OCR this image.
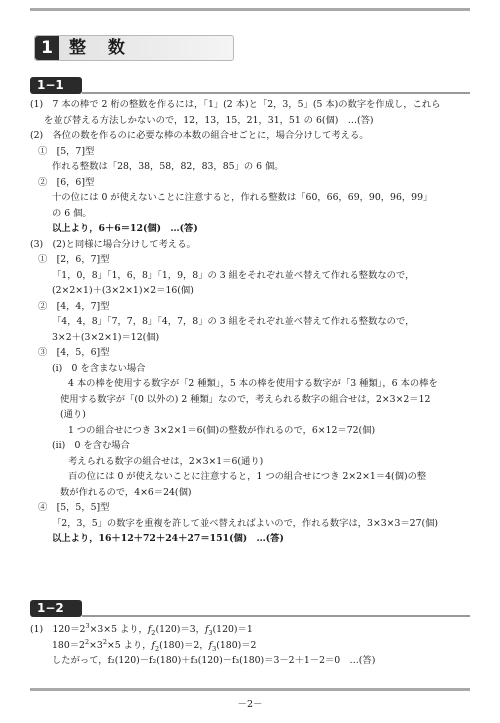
1 整 数
1−1

(1)　7 本の棒で 2 桁の整数を作るには，「1」(2 本)と「2，3，5」(5 本)の数字を作成し，これら

を並び替える方法しかないので，12，13，15，21，31，51 の 6(個)　…(答)

(2)　各位の数を作るのに必要な棒の本数の組合せごとに，場合分けして考える。

①　[5，7]型

作れる整数は「28，38，58，82，83，85」の 6 個。

②　[6，6]型

十の位には 0 が使えないことに注意すると，作れる整数は「60，66，69，90，96，99」

の 6 個。

以上より，6＋6＝12(個)　…(答)

(3)　(2)と同様に場合分けして考える。

①　[2，6，7]型

「1，0，8」「1，6，8」「1，9，8」の 3 組をそれぞれ並べ替えて作れる整数なので，

(2×2×1)＋(3×2×1)×2＝16(個)

②　[4，4，7]型

「4，4，8」「7，7，8」「4，7，8」の 3 組をそれぞれ並べ替えて作れる整数なので，

3×2＋(3×2×1)＝12(個)

③　[4，5，6]型

(i)　0 を含まない場合

4 本の棒を使用する数字が「2 種類」，5 本の棒を使用する数字が「3 種類」，6 本の棒を

使用する数字が「(0 以外の) 2 種類」なので，考えられる数字の組合せは，2×3×2＝12

(通り)

1 つの組合せにつき 3×2×1＝6(個)の整数が作れるので，6×12＝72(個)

(ii)　0 を含む場合

考えられる数字の組合せは，2×3×1＝6(通り)

百の位には 0 が使えないことに注意すると，1 つの組合せにつき 2×2×1＝4(個)の整

数が作れるので，4×6＝24(個)

④　[5，5，5]型

「2，3，5」の数字を重複を許して並べ替えればよいので，作れる数字は，3×3×3＝27(個)

以上より，16＋12＋72＋24＋27＝151(個)　…(答)

1−2

(1)　$120=2^3\times 3\times 5$ より，$f_2(120)=3$，$f_3(120)=1$

$180=2^2\times 3^2\times 5$ より，$f_2(180)=2$，$f_3(180)=2$

したがって，f₂(120)－f₂(180)＋f₃(120)－f₃(180)＝3－2＋1－2＝0　…(答)

－2－
